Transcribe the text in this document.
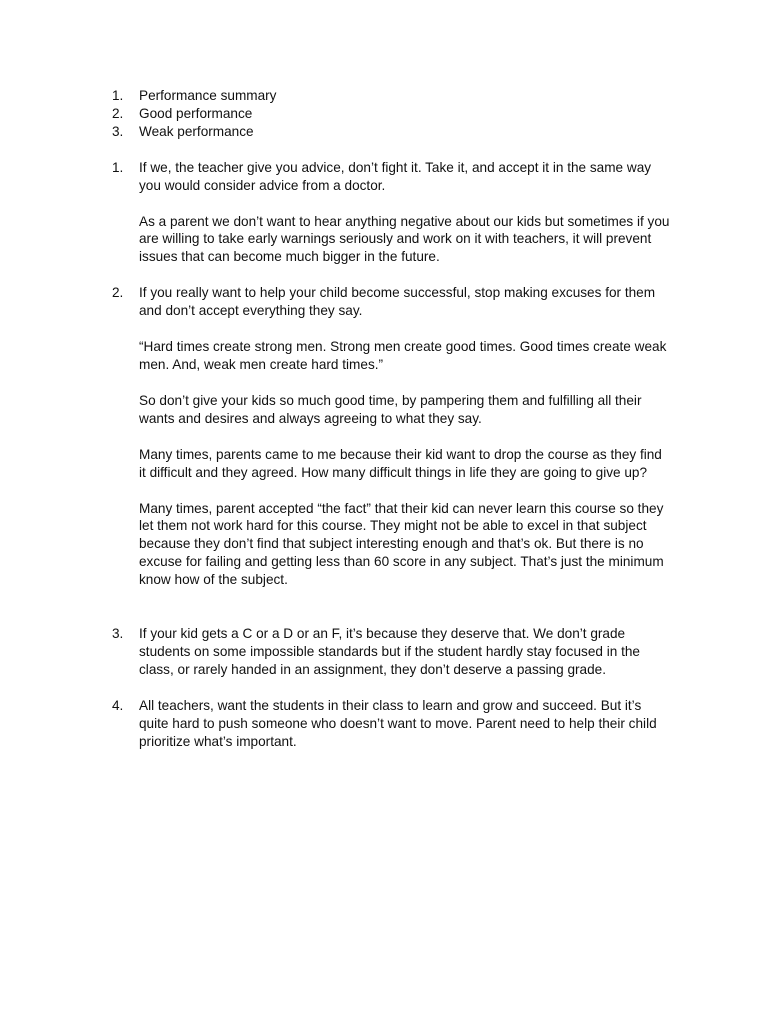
1. Performance summary

2. Good performance

3. Weak performance

1. If we, the teacher give you advice, don’t fight it. Take it, and accept it in the same way you would consider advice from a doctor.

As a parent we don’t want to hear anything negative about our kids but sometimes if you are willing to take early warnings seriously and work on it with teachers, it will prevent issues that can become much bigger in the future.

2. If you really want to help your child become successful, stop making excuses for them and don’t accept everything they say.

“Hard times create strong men. Strong men create good times. Good times create weak men. And, weak men create hard times.”

So don’t give your kids so much good time, by pampering them and fulfilling all their wants and desires and always agreeing to what they say.

Many times, parents came to me because their kid want to drop the course as they find it difficult and they agreed. How many difficult things in life they are going to give up?

Many times, parent accepted “the fact” that their kid can never learn this course so they let them not work hard for this course. They might not be able to excel in that subject because they don’t find that subject interesting enough and that’s ok. But there is no excuse for failing and getting less than 60 score in any subject. That’s just the minimum know how of the subject.

3. If your kid gets a C or a D or an F, it’s because they deserve that. We don’t grade students on some impossible standards but if the student hardly stay focused in the class, or rarely handed in an assignment, they don’t deserve a passing grade.

4. All teachers, want the students in their class to learn and grow and succeed. But it’s quite hard to push someone who doesn’t want to move. Parent need to help their child prioritize what’s important.
